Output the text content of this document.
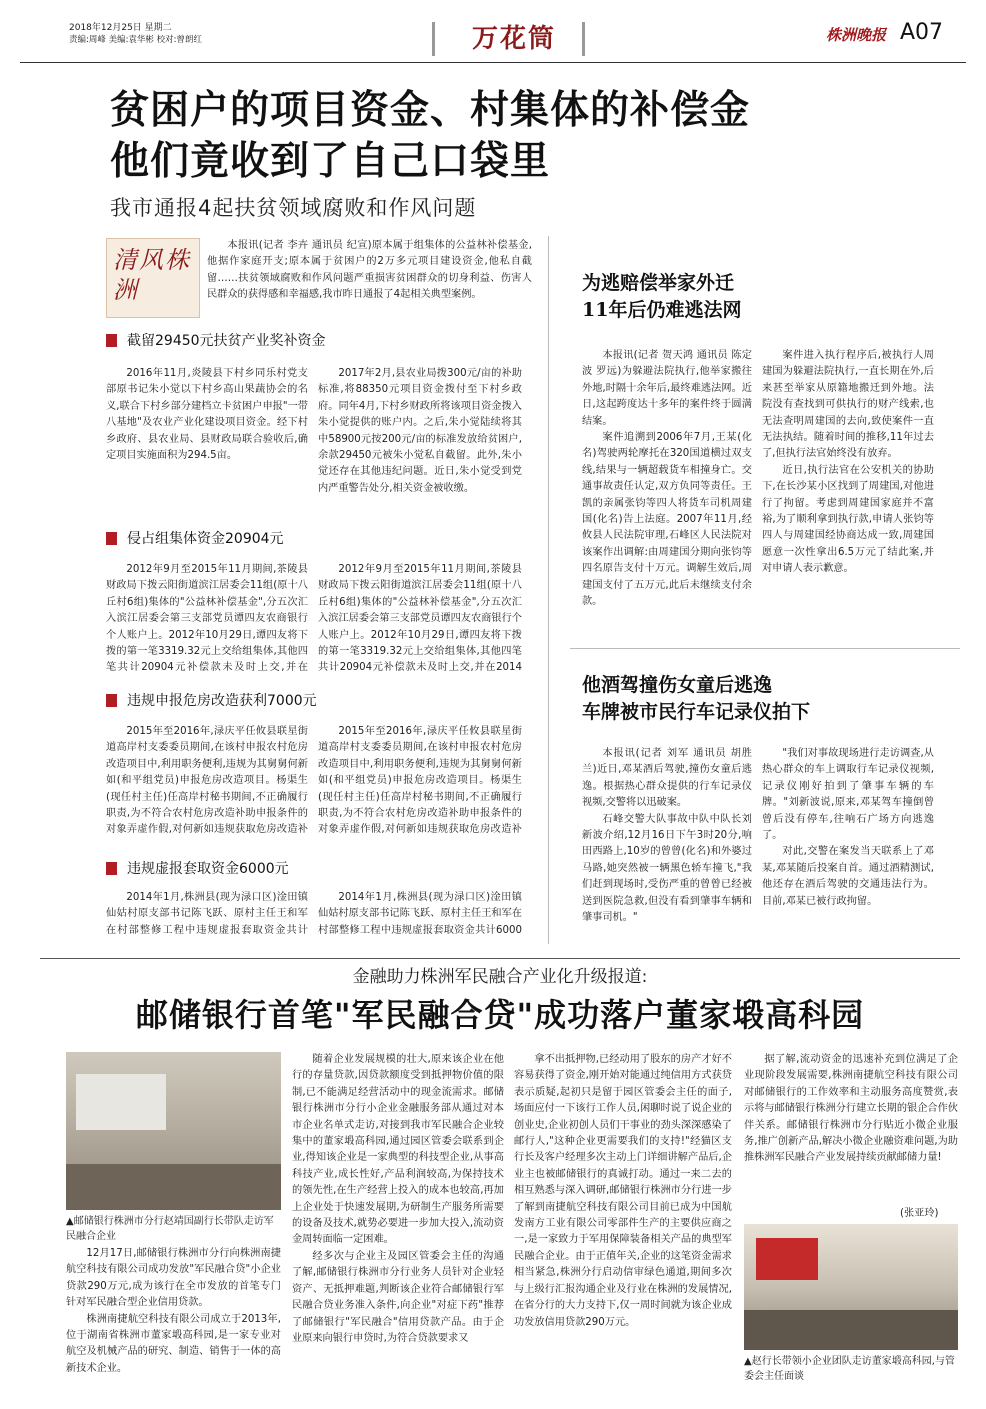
2018年12月25日 星期二
责编:周峰 美编:袁华彬 校对:曾朗红	万花筒	株洲晚报 A07
贫困户的项目资金、村集体的补偿金
他们竟收到了自己口袋里
我市通报4起扶贫领域腐败和作风问题
清风株洲

本报讯(记者 李卉 通讯员 纪宣)原本属于组集体的公益林补偿基金,他据作家庭开支;原本属于贫困户的2万多元项目建设资金,他私自截留……扶贫领域腐败和作风问题严重损害贫困群众的切身利益、伤害人民群众的获得感和幸福感,我市昨日通报了4起相关典型案例。

截留29450元扶贫产业奖补资金

2016年11月,炎陵县下村乡同乐村党支部原书记朱小觉以下村乡高山果蔬协会的名义,联合下村乡部分建档立卡贫困户申报"一带八基地"及农业产业化建设项目资金。经下村乡政府、县农业局、县财政局联合验收后,确定项目实施面积为294.5亩。

2017年2月,县农业局拨300元/亩的补助标准,将88350元项目资金拨付至下村乡政府。同年4月,下村乡财政所将该项目资金拨入朱小觉提供的账户内。之后,朱小觉陆续将其中58900元按200元/亩的标准发放给贫困户,余款29450元被朱小觉私自截留。此外,朱小觉还存在其他违纪问题。近日,朱小觉受到党内严重警告处分,相关资金被收缴。

侵占组集体资金20904元

2012年9月至2015年11月期间,茶陵县财政局下拨云阳街道滨江居委会11组(原十八丘村6组)集体的"公益林补偿基金",分五次汇入滨江居委会第三支部党员谭四友农商银行个人账户上。2012年10月29日,谭四友将下拨的第一笔3319.32元上交给组集体,其他四笔共计20904元补偿款未及时上交,并在

2012年9月至2015年11月期间,茶陵县财政局下拨云阳街道滨江居委会11组(原十八丘村6组)集体的"公益林补偿基金",分五次汇入滨江居委会第三支部党员谭四友农商银行个人账户上。2012年10月29日,谭四友将下拨的第一笔3319.32元上交给组集体,其他四笔共计20904元补偿款未及时上交,并在2014

违规申报危房改造获利7000元

2015年至2016年,渌庆平任攸县联星街道高岸村支委委员期间,在该村申报农村危房改造项目中,利用职务便利,违规为其舅舅何新如(和平组党员)申报危房改造项目。杨渠生(现任村主任)任高岸村秘书期间,不正确履行职责,为不符合农村危房改造补助申报条件的对象弄虚作假,对何新如违规获取危房改造补

2015年至2016年,渌庆平任攸县联星街道高岸村支委委员期间,在该村申报农村危房改造项目中,利用职务便利,违规为其舅舅何新如(和平组党员)申报危房改造项目。杨渠生(现任村主任)任高岸村秘书期间,不正确履行职责,为不符合农村危房改造补助申报条件的对象弄虚作假,对何新如违规获取危房改造补

违规虚报套取资金6000元

2014年1月,株洲县(现为渌口区)淦田镇仙姑村原支部书记陈飞跃、原村主任王和军在村部整修工程中违规虚报套取资金共计

2014年1月,株洲县(现为渌口区)淦田镇仙姑村原支部书记陈飞跃、原村主任王和军在村部整修工程中违规虚报套取资金共计6000

为逃赔偿举家外迁
11年后仍难逃法网

本报讯(记者 贺天鸿 通讯员 陈定波 罗远)为躲避法院执行,他举家搬往外地,时隔十余年后,最终难逃法网。近日,这起跨度达十多年的案件终于圆满结案。

案件追溯到2006年7月,王某(化名)驾驶两轮摩托在320国道横过双支线,结果与一辆超载货车相撞身亡。交通事故责任认定,双方负同等责任。王凯的亲属张钧等四人将货车司机周建国(化名)告上法庭。2007年11月,经攸县人民法院审理,石峰区人民法院对该案作出调解:由周建国分期向张钧等四名原告支付十万元。调解生效后,周建国支付了五万元,此后未继续支付余款。

案件进入执行程序后,被执行人周建国为躲避法院执行,一直长期在外,后来甚至举家从原籍地搬迁到外地。法院没有查找到可供执行的财产线索,也无法查明周建国的去向,致使案件一直无法执结。随着时间的推移,11年过去了,但执行法官始终没有放弃。

近日,执行法官在公安机关的协助下,在长沙某小区找到了周建国,对他进行了拘留。考虑到周建国家庭并不富裕,为了顺利拿到执行款,申请人张钧等四人与周建国经协商达成一致,周建国愿意一次性拿出6.5万元了结此案,并对申请人表示歉意。

他酒驾撞伤女童后逃逸
车牌被市民行车记录仪拍下

本报讯(记者 刘军 通讯员 胡胜兰)近日,邓某酒后驾驶,撞伤女童后逃逸。根据热心群众提供的行车记录仪视频,交警将以迅破案。

石峰交警大队事故中队中队长刘新波介绍,12月16日下午3时20分,响田西路上,10岁的曾曾(化名)和外婆过马路,她突然被一辆黑色轿车撞飞,"我们赶到现场时,受伤严重的曾曾已经被送到医院急救,但没有看到肇事车辆和肇事司机。"

"我们对事故现场进行走访调查,从热心群众的车上调取行车记录仪视频,记录仪刚好拍到了肇事车辆的车牌。"刘新波说,原来,邓某驾车撞倒曾曾后没有停车,往响石广场方向逃逸了。

对此,交警在案发当天联系上了邓某,邓某随后投案自首。通过酒精测试,他还存在酒后驾驶的交通违法行为。目前,邓某已被行政拘留。

金融助力株洲军民融合产业化升级报道:
邮储银行首笔"军民融合贷"成功落户董家塅高科园
▲邮储银行株洲市分行赵靖国副行长带队走访军民融合企业

12月17日,邮储银行株洲市分行向株洲南捷航空科技有限公司成功发放"军民融合贷"小企业贷款290万元,成为该行在全市发放的首笔专门针对军民融合型企业信用贷款。

株洲南捷航空科技有限公司成立于2013年,位于湖南省株洲市董家塅高科园,是一家专业对航空及机械产品的研究、制造、销售于一体的高新技术企业。

随着企业发展规模的壮大,原来该企业在他行的存量贷款,因贷款额度受到抵押物价值的限制,已不能满足经营活动中的现金流需求。邮储银行株洲市分行小企业金融服务部从通过对本市企业名单式走访,对接到我市军民融合企业较集中的董家塅高科园,通过园区管委会联系到企业,得知该企业是一家典型的科技型企业,从事高科技产业,成长性好,产品利润较高,为保持技术的领先性,在生产经营上投入的成本也较高,再加上企业处于快速发展期,为研制生产服务所需要的设备及技术,就势必要进一步加大投入,流动资金周转面临一定困难。

经多次与企业主及园区管委会主任的沟通了解,邮储银行株洲市分行业务人员针对企业轻资产、无抵押难题,判断该企业符合邮储银行军民融合贷业务准入条件,向企业"对症下药"推荐了邮储银行"军民融合"信用贷款产品。由于企业原来向银行申贷时,为符合贷款要求又

拿不出抵押物,已经动用了股东的房产才好不容易获得了资金,刚开始对能通过纯信用方式获贷表示质疑,起初只是留于园区管委会主任的面子,场面应付一下该行工作人员,闲聊时说了说企业的创业史,企业初创人员们干事业的劲头深深感染了邮行人,"这种企业更需要我们的支持!"经猫区支行长及客户经理多次主动上门详细讲解产品后,企业主也被邮储银行的真诚打动。通过一来二去的相互熟悉与深入调研,邮储银行株洲市分行进一步了解到南捷航空科技有限公司目前已成为中国航发南方工业有限公司零部件生产的主要供应商之一,是一家致力于军用保障装备相关产品的典型军民融合企业。由于正值年关,企业的这笔资金需求相当紧急,株洲分行启动信审绿色通道,期间多次与上级行汇报沟通企业及行业在株洲的发展情况,在省分行的大力支持下,仅一周时间就为该企业成功发放信用贷款290万元。

据了解,流动资金的迅速补充到位满足了企业现阶段发展需要,株洲南捷航空科技有限公司对邮储银行的工作效率和主动服务高度赞赏,表示将与邮储银行株洲分行建立长期的银企合作伙伴关系。邮储银行株洲市分行贴近小微企业服务,推广创新产品,解决小微企业融资难问题,为助推株洲军民融合产业发展持续贡献邮储力量!

(张亚玲)
▲赵行长带领小企业团队走访董家塅高科园,与管委会主任面谈
